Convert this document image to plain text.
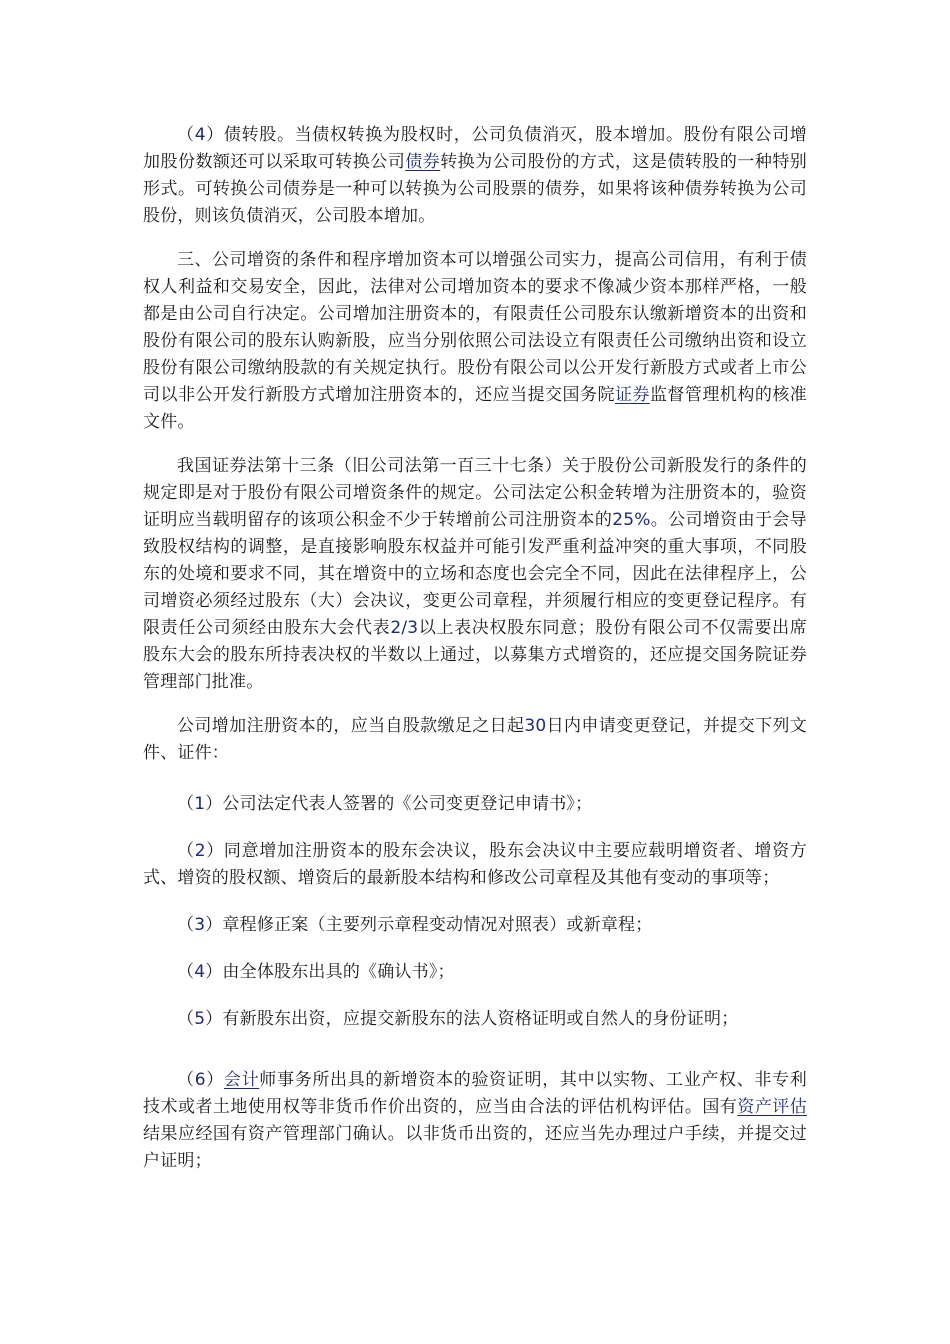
（4）债转股。当债权转换为股权时，公司负债消灭，股本增加。股份有限公司增加股份数额还可以采取可转换公司债券转换为公司股份的方式，这是债转股的一种特别形式。可转换公司债券是一种可以转换为公司股票的债券，如果将该种债券转换为公司股份，则该负债消灭，公司股本增加。

三、公司增资的条件和程序增加资本可以增强公司实力，提高公司信用，有利于债权人利益和交易安全，因此，法律对公司增加资本的要求不像减少资本那样严格，一般都是由公司自行决定。公司增加注册资本的，有限责任公司股东认缴新增资本的出资和股份有限公司的股东认购新股，应当分别依照公司法设立有限责任公司缴纳出资和设立股份有限公司缴纳股款的有关规定执行。股份有限公司以公开发行新股方式或者上市公司以非公开发行新股方式增加注册资本的，还应当提交国务院证券监督管理机构的核准文件。

我国证券法第十三条（旧公司法第一百三十七条）关于股份公司新股发行的条件的规定即是对于股份有限公司增资条件的规定。公司法定公积金转增为注册资本的，验资证明应当载明留存的该项公积金不少于转增前公司注册资本的25%。公司增资由于会导致股权结构的调整，是直接影响股东权益并可能引发严重利益冲突的重大事项，不同股东的处境和要求不同，其在增资中的立场和态度也会完全不同，因此在法律程序上，公司增资必须经过股东（大）会决议，变更公司章程，并须履行相应的变更登记程序。有限责任公司须经由股东大会代表2/3以上表决权股东同意；股份有限公司不仅需要出席股东大会的股东所持表决权的半数以上通过，以募集方式增资的，还应提交国务院证券管理部门批准。

公司增加注册资本的，应当自股款缴足之日起30日内申请变更登记，并提交下列文件、证件：

（1）公司法定代表人签署的《公司变更登记申请书》；

（2）同意增加注册资本的股东会决议，股东会决议中主要应载明增资者、增资方式、增资的股权额、增资后的最新股本结构和修改公司章程及其他有变动的事项等；

（3）章程修正案（主要列示章程变动情况对照表）或新章程；

（4）由全体股东出具的《确认书》；

（5）有新股东出资，应提交新股东的法人资格证明或自然人的身份证明；

（6）会计师事务所出具的新增资本的验资证明，其中以实物、工业产权、非专利技术或者土地使用权等非货币作价出资的，应当由合法的评估机构评估。国有资产评估结果应经国有资产管理部门确认。以非货币出资的，还应当先办理过户手续，并提交过户证明；
